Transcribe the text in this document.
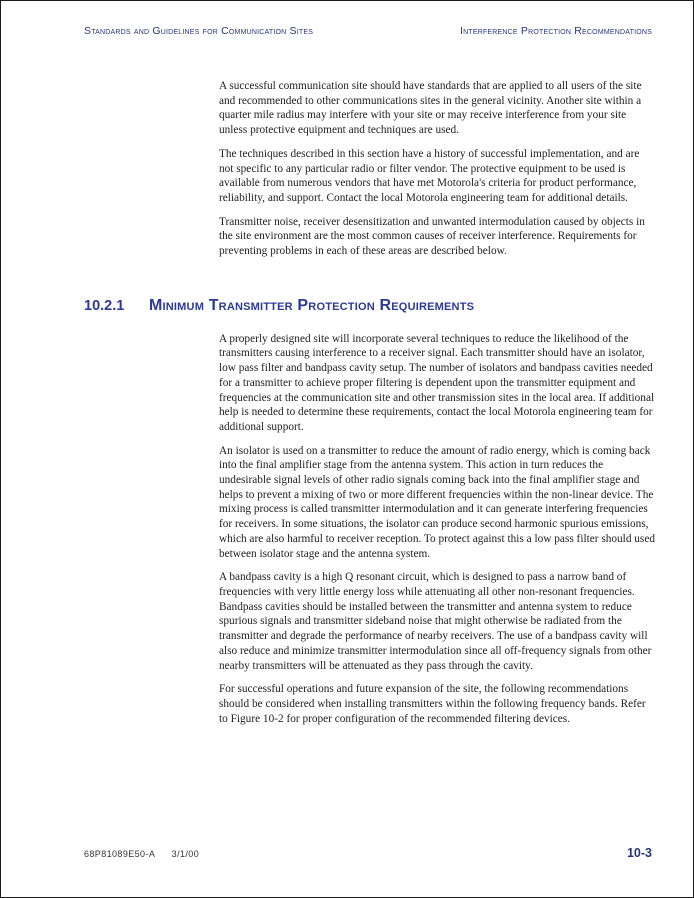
Standards and Guidelines for Communication Sites	Interference Protection Recommendations

A successful communication site should have standards that are applied to all users of the site and recommended to other communications sites in the general vicinity. Another site within a quarter mile radius may interfere with your site or may receive interference from your site unless protective equipment and techniques are used.

The techniques described in this section have a history of successful implementation, and are not specific to any particular radio or filter vendor. The protective equipment to be used is available from numerous vendors that have met Motorola's criteria for product performance, reliability, and support. Contact the local Motorola engineering team for additional details.

Transmitter noise, receiver desensitization and unwanted intermodulation caused by objects in the site environment are the most common causes of receiver interference. Requirements for preventing problems in each of these areas are described below.

10.2.1	Minimum Transmitter Protection Requirements

A properly designed site will incorporate several techniques to reduce the likelihood of the transmitters causing interference to a receiver signal. Each transmitter should have an isolator, low pass filter and bandpass cavity setup. The number of isolators and bandpass cavities needed for a transmitter to achieve proper filtering is dependent upon the transmitter equipment and frequencies at the communication site and other transmission sites in the local area. If additional help is needed to determine these requirements, contact the local Motorola engineering team for additional support.

An isolator is used on a transmitter to reduce the amount of radio energy, which is coming back into the final amplifier stage from the antenna system. This action in turn reduces the undesirable signal levels of other radio signals coming back into the final amplifier stage and helps to prevent a mixing of two or more different frequencies within the non-linear device. The mixing process is called transmitter intermodulation and it can generate interfering frequencies for receivers. In some situations, the isolator can produce second harmonic spurious emissions, which are also harmful to receiver reception. To protect against this a low pass filter should used between isolator stage and the antenna system.

A bandpass cavity is a high Q resonant circuit, which is designed to pass a narrow band of frequencies with very little energy loss while attenuating all other non-resonant frequencies. Bandpass cavities should be installed between the transmitter and antenna system to reduce spurious signals and transmitter sideband noise that might otherwise be radiated from the transmitter and degrade the performance of nearby receivers. The use of a bandpass cavity will also reduce and minimize transmitter intermodulation since all off-frequency signals from other nearby transmitters will be attenuated as they pass through the cavity.

For successful operations and future expansion of the site, the following recommendations should be considered when installing transmitters within the following frequency bands. Refer to Figure 10-2 for proper configuration of the recommended filtering devices.

68P81089E50-A 3/1/00	10-3
